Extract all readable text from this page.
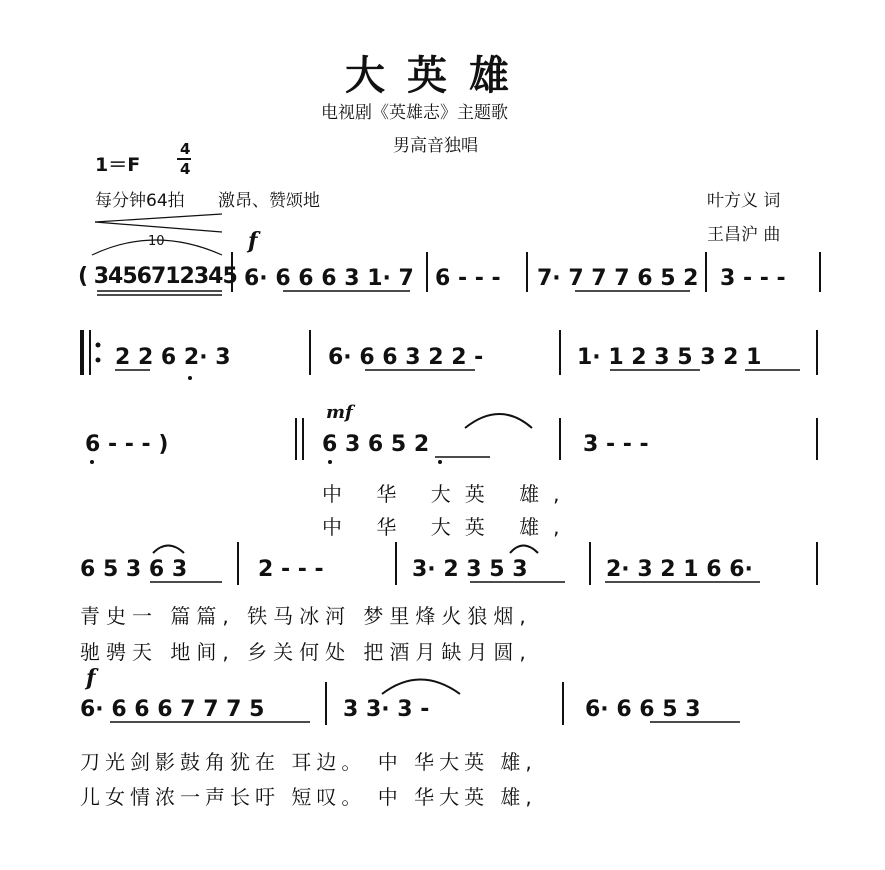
大英雄
电视剧《英雄志》主题歌
男高音独唱
1＝F
4
4
每分钟64拍 激昂、赞颂地	叶方义 词
王昌沪 曲
( 3456712345
10	f
6· 6 6 6 3 1· 7 6 - - - 7· 7 7 7 6 5 2 3 - - -
2 2 6 2· 3	6· 6 6 3 2 2 -	1· 1 2 3 5 3 2 1
6 - - - )
mf
6 3 6 5 2	3 - - -
中 华 大英 雄,
中 华 大英 雄,
6 5 3 6 3	2 - - -	3· 2 3 5 3	2· 3 2 1 6 6·
青史一 篇篇, 铁马冰河 梦里烽火狼烟,
驰骋天 地间, 乡关何处 把酒月缺月圆,
f
6· 6 6 6 7 7 7 5	3 3· 3 -	6· 6 6 5 3
刀光剑影鼓角犹在 耳边。 中 华大英 雄,
儿女情浓一声长吁 短叹。 中 华大英 雄,
